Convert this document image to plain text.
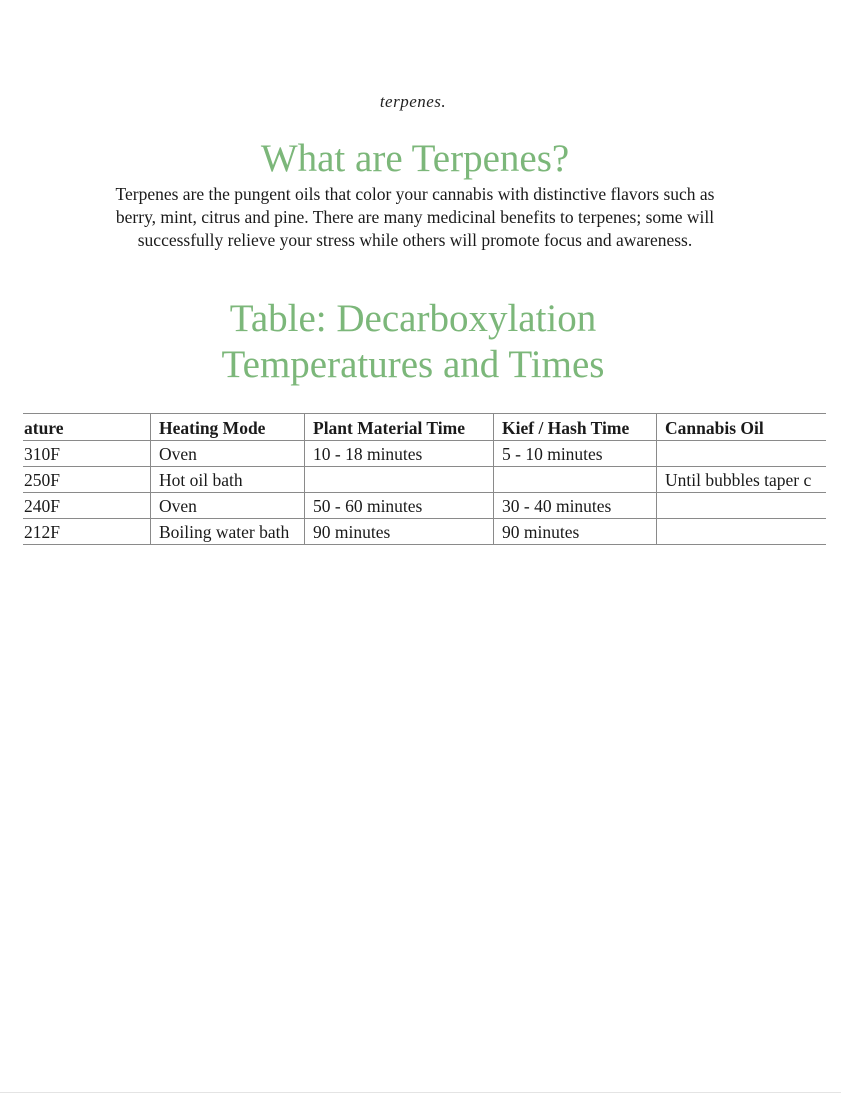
terpenes.
What are Terpenes?

Terpenes are the pungent oils that color your cannabis with distinctive flavors such as berry, mint, citrus and pine. There are many medicinal benefits to terpenes; some will successfully relieve your stress while others will promote focus and awareness.

Table: Decarboxylation
Temperatures and Times
ature	Heating Mode	Plant Material Time	Kief / Hash Time	Cannabis Oil
310F	Oven	10 - 18 minutes	5 - 10 minutes	
250F	Hot oil bath			Until bubbles taper c
240F	Oven	50 - 60 minutes	30 - 40 minutes	
212F	Boiling water bath	90 minutes	90 minutes	
